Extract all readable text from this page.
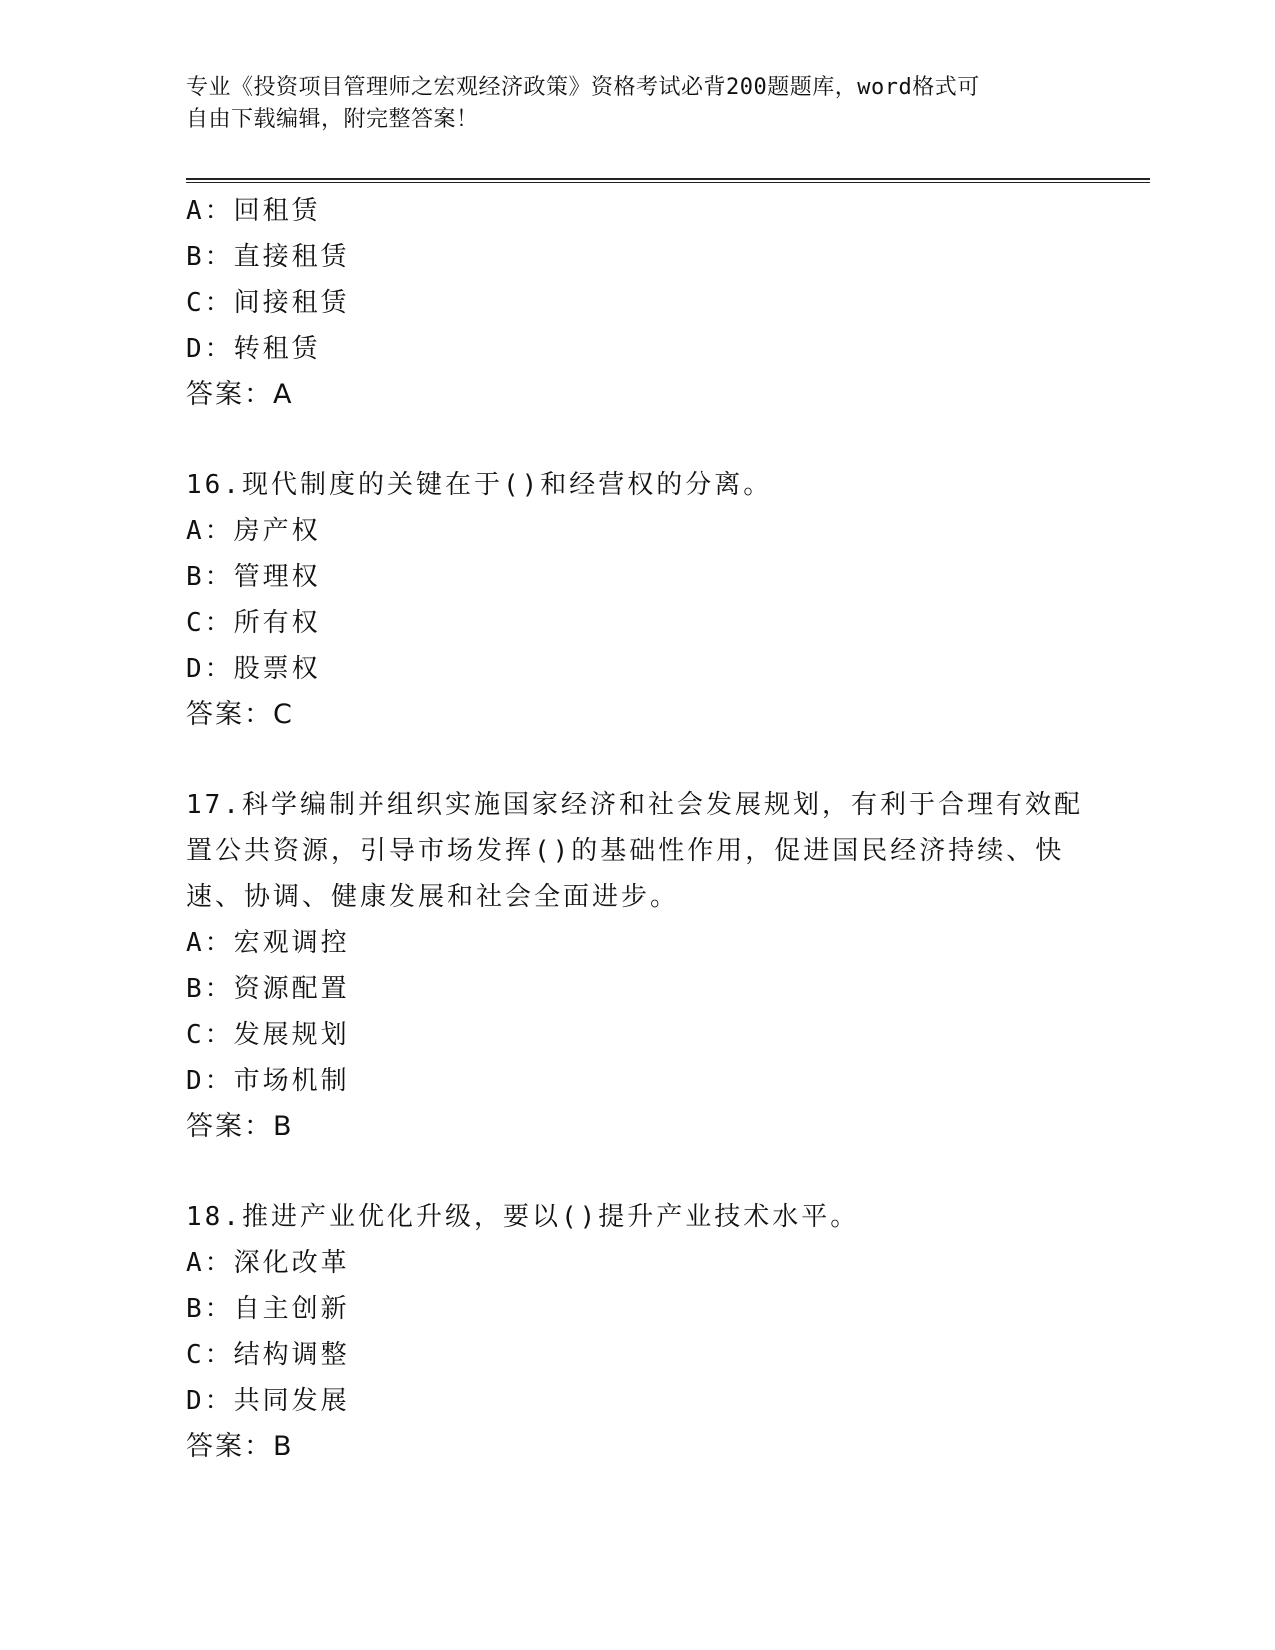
专业《投资项目管理师之宏观经济政策》资格考试必背200题题库，word格式可
自由下载编辑，附完整答案！
A：回租赁
B：直接租赁
C：间接租赁
D：转租赁
答案：A
16.现代制度的关键在于()和经营权的分离。
A：房产权
B：管理权
C：所有权
D：股票权
答案：C
17.科学编制并组织实施国家经济和社会发展规划，有利于合理有效配
置公共资源，引导市场发挥()的基础性作用，促进国民经济持续、快
速、协调、健康发展和社会全面进步。
A：宏观调控
B：资源配置
C：发展规划
D：市场机制
答案：B
18.推进产业优化升级，要以()提升产业技术水平。
A：深化改革
B：自主创新
C：结构调整
D：共同发展
答案：B
